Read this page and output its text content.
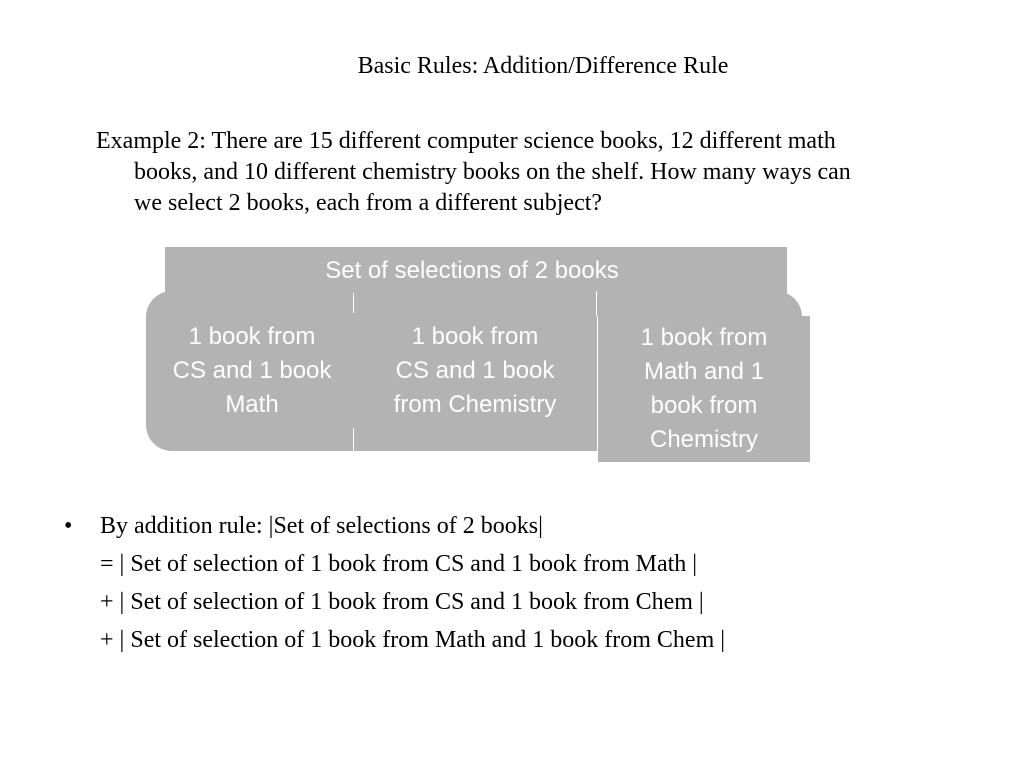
Basic Rules: Addition/Difference Rule
Example 2: There are 15 different computer science books, 12 different math
books, and 10 different chemistry books on the shelf. How many ways can
we select 2 books, each from a different subject?
Set of selections of 2 books
1 book from
CS and 1 book
Math
1 book from
CS and 1 book
from Chemistry
1 book from
Math and 1
book from
Chemistry
• By addition rule: |Set of selections of 2 books|
= | Set of selection of 1 book from CS and 1 book from Math |
+ | Set of selection of 1 book from CS and 1 book from Chem |
+ | Set of selection of 1 book from Math and 1 book from Chem |
